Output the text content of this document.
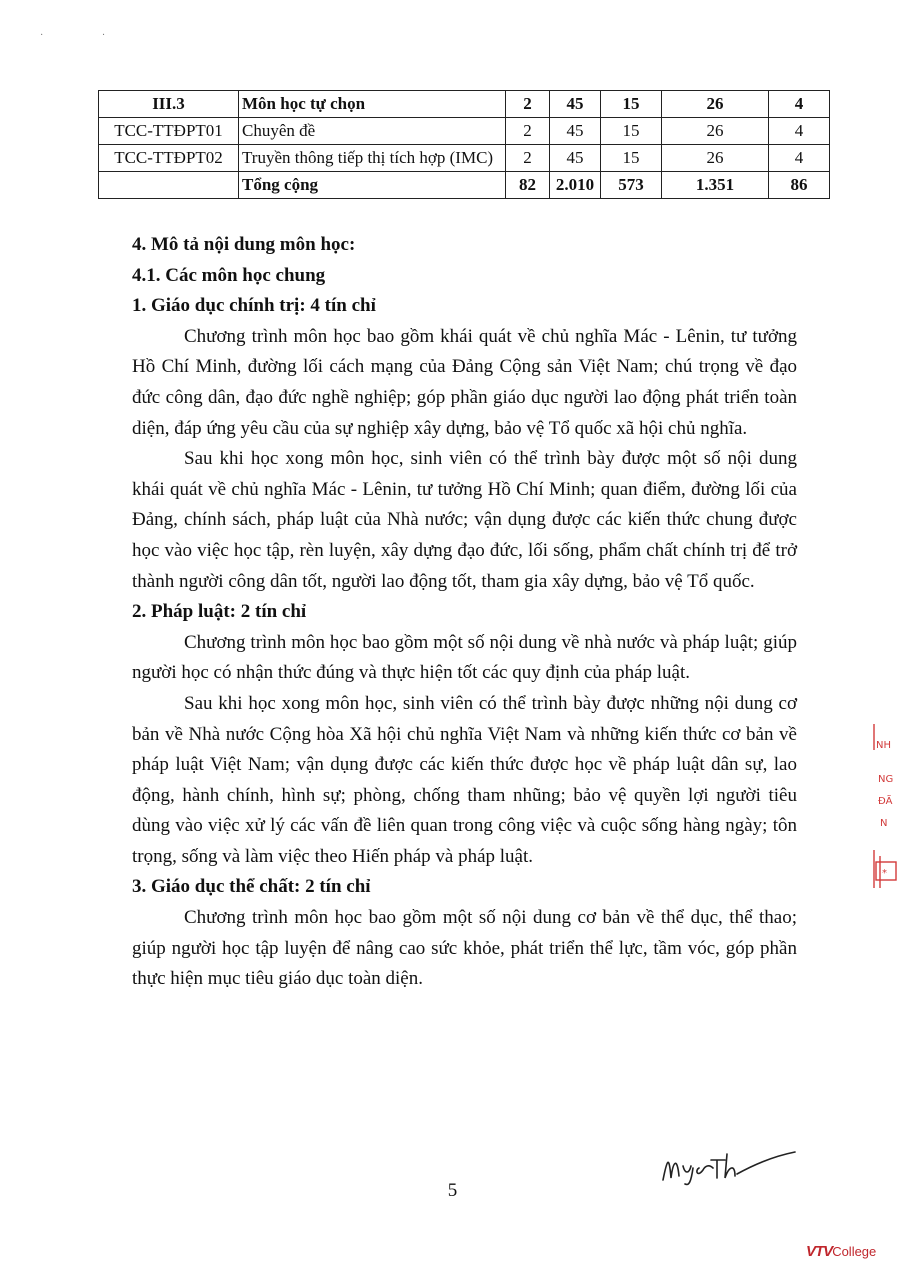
· ·
III.3	Môn học tự chọn	2	45	15	26	4
TCC-TTĐPT01	Chuyên đề	2	45	15	26	4
TCC-TTĐPT02	Truyền thông tiếp thị tích hợp (IMC)	2	45	15	26	4
	Tổng cộng	82	2.010	573	1.351	86

4. Mô tả nội dung môn học:

4.1. Các môn học chung

1. Giáo dục chính trị: 4 tín chỉ

Chương trình môn học bao gồm khái quát về chủ nghĩa Mác - Lênin, tư tưởng Hồ Chí Minh, đường lối cách mạng của Đảng Cộng sản Việt Nam; chú trọng về đạo đức công dân, đạo đức nghề nghiệp; góp phần giáo dục người lao động phát triển toàn diện, đáp ứng yêu cầu của sự nghiệp xây dựng, bảo vệ Tổ quốc xã hội chủ nghĩa.

Sau khi học xong môn học, sinh viên có thể trình bày được một số nội dung khái quát về chủ nghĩa Mác - Lênin, tư tưởng Hồ Chí Minh; quan điểm, đường lối của Đảng, chính sách, pháp luật của Nhà nước; vận dụng được các kiến thức chung được học vào việc học tập, rèn luyện, xây dựng đạo đức, lối sống, phẩm chất chính trị để trở thành người công dân tốt, người lao động tốt, tham gia xây dựng, bảo vệ Tổ quốc.

2. Pháp luật: 2 tín chỉ

Chương trình môn học bao gồm một số nội dung về nhà nước và pháp luật; giúp người học có nhận thức đúng và thực hiện tốt các quy định của pháp luật.

Sau khi học xong môn học, sinh viên có thể trình bày được những nội dung cơ bản về Nhà nước Cộng hòa Xã hội chủ nghĩa Việt Nam và những kiến thức cơ bản về pháp luật Việt Nam; vận dụng được các kiến thức được học về pháp luật dân sự, lao động, hành chính, hình sự; phòng, chống tham nhũng; bảo vệ quyền lợi người tiêu dùng vào việc xử lý các vấn đề liên quan trong công việc và cuộc sống hàng ngày; tôn trọng, sống và làm việc theo Hiến pháp và pháp luật.

3. Giáo dục thể chất: 2 tín chỉ

Chương trình môn học bao gồm một số nội dung cơ bản về thể dục, thể thao; giúp người học tập luyện để nâng cao sức khỏe, phát triển thể lực, tầm vóc, góp phần thực hiện mục tiêu giáo dục toàn diện.

NH
NG
ĐÃ
N
*
5
VTVCollege
